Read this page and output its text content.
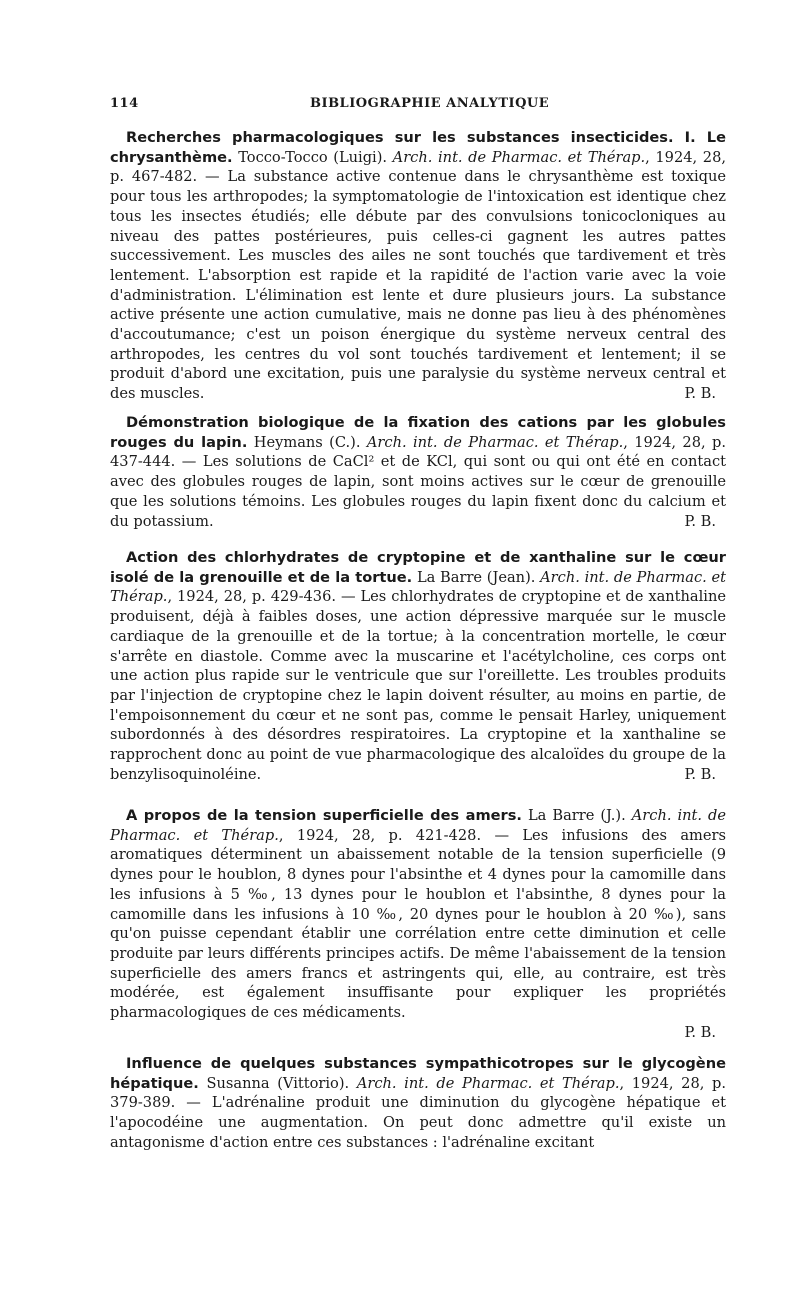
114	BIBLIOGRAPHIE ANALYTIQUE

Recherches pharmacologiques sur les substances insecticides. I. Le chrysanthème. Tocco-Tocco (Luigi). Arch. int. de Pharmac. et Thérap., 1924, 28, p. 467-482. — La substance active contenue dans le chrysanthème est toxique pour tous les arthropodes; la symptomatologie de l'intoxication est identique chez tous les insectes étudiés; elle débute par des convulsions tonicocloniques au niveau des pattes postérieures, puis celles-ci gagnent les autres pattes successivement. Les muscles des ailes ne sont touchés que tardivement et très lentement. L'absorption est rapide et la rapidité de l'action varie avec la voie d'administration. L'élimination est lente et dure plusieurs jours. La substance active présente une action cumulative, mais ne donne pas lieu à des phénomènes d'accoutumance; c'est un poison énergique du système nerveux central des arthropodes, les centres du vol sont touchés tardivement et lentement; il se produit d'abord une excitation, puis une paralysie du système nerveux central et des muscles.	P. B.

Démonstration biologique de la fixation des cations par les globules rouges du lapin. Heymans (C.). Arch. int. de Pharmac. et Thérap., 1924, 28, p. 437-444. — Les solutions de CaCl² et de KCl, qui sont ou qui ont été en contact avec des globules rouges de lapin, sont moins actives sur le cœur de grenouille que les solutions témoins. Les globules rouges du lapin fixent donc du calcium et du potassium.	P. B.

Action des chlorhydrates de cryptopine et de xanthaline sur le cœur isolé de la grenouille et de la tortue. La Barre (Jean). Arch. int. de Pharmac. et Thérap., 1924, 28, p. 429-436. — Les chlorhydrates de cryptopine et de xanthaline produisent, déjà à faibles doses, une action dépressive marquée sur le muscle cardiaque de la grenouille et de la tortue; à la concentration mortelle, le cœur s'arrête en diastole. Comme avec la muscarine et l'acétylcholine, ces corps ont une action plus rapide sur le ventricule que sur l'oreillette. Les troubles produits par l'injection de cryptopine chez le lapin doivent résulter, au moins en partie, de l'empoisonnement du cœur et ne sont pas, comme le pensait Harley, uniquement subordonnés à des désordres respiratoires. La cryptopine et la xanthaline se rapprochent donc au point de vue pharmacologique des alcaloïdes du groupe de la benzylisoquinoléine.	P. B.

A propos de la tension superficielle des amers. La Barre (J.). Arch. int. de Pharmac. et Thérap., 1924, 28, p. 421-428. — Les infusions des amers aromatiques déterminent un abaissement notable de la tension superficielle (9 dynes pour le houblon, 8 dynes pour l'absinthe et 4 dynes pour la camomille dans les infusions à 5 ‰, 13 dynes pour le houblon et l'absinthe, 8 dynes pour la camomille dans les infusions à 10 ‰, 20 dynes pour le houblon à 20 ‰), sans qu'on puisse cependant établir une corrélation entre cette diminution et celle produite par leurs différents principes actifs. De même l'abaissement de la tension superficielle des amers francs et astringents qui, elle, au contraire, est très modérée, est également insuffisante pour expliquer les propriétés pharmacologiques de ces médicaments.

P. B.

Influence de quelques substances sympathicotropes sur le glycogène hépatique. Susanna (Vittorio). Arch. int. de Pharmac. et Thérap., 1924, 28, p. 379-389. — L'adrénaline produit une diminution du glycogène hépatique et l'apocodéine une augmentation. On peut donc admettre qu'il existe un antagonisme d'action entre ces substances : l'adrénaline excitant
